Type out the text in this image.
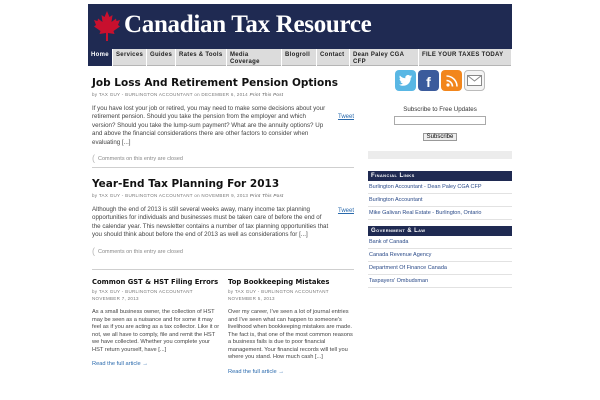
Canadian Tax Resource
Home	Services	Guides	Rates & Tools	Media Coverage
Blogroll	Contact	Dean Paley CGA CFP
FILE YOUR TAXES TODAY
Job Loss And Retirement Pension Options
by TAX GUY - BURLINGTON ACCOUNTANT on DECEMBER 6, 2014 Print This Post
Tweet
If you have lost your job or retired, you may need to make some decisions about your retirement pension. Should you take the pension from the employer and which version? Should you take the lump-sum payment? What are the annuity options? Up and above the financial considerations there are other factors to consider when evaluating [...]
( Comments on this entry are closed
Year-End Tax Planning For 2013
by TAX GUY - BURLINGTON ACCOUNTANT on NOVEMBER 9, 2013 Print This Post
Tweet
Although the end of 2013 is still several weeks away, many income tax planning opportunities for individuals and businesses must be taken care of before the end of the calendar year. This newsletter contains a number of tax planning opportunities that you should think about before the end of 2013 as well as considerations for [...]
( Comments on this entry are closed
Common GST & HST Filing Errors
by TAX GUY - BURLINGTON ACCOUNTANT
NOVEMBER 7, 2013
As a small business owner, the collection of HST may be seen as a nuisance and for some it may feel as if you are acting as a tax collector. Like it or not, we all have to comply, file and remit the HST we have collected. Whether you complete your HST return yourself, have [...]
Read the full article →
Top Bookkeeping Mistakes
by TAX GUY - BURLINGTON ACCOUNTANT
NOVEMBER 5, 2013
Over my career, I've seen a lot of journal entries and I've seen what can happen to someone's livelihood when bookkeeping mistakes are made. The fact is, that one of the most common reasons a business fails is due to poor financial management. Your financial records will tell you where you stand. How much cash [...]
Read the full article →
f
Subscribe to Free Updates
Subscribe
Financial Links
Burlington Accountant - Dean Paley CGA CFP
Burlington Accountant
Mike Galivan Real Estate - Burlington, Ontario
Government & Law
Bank of Canada
Canada Revenue Agency
Department Of Finance Canada
Taxpayers' Ombudsman
